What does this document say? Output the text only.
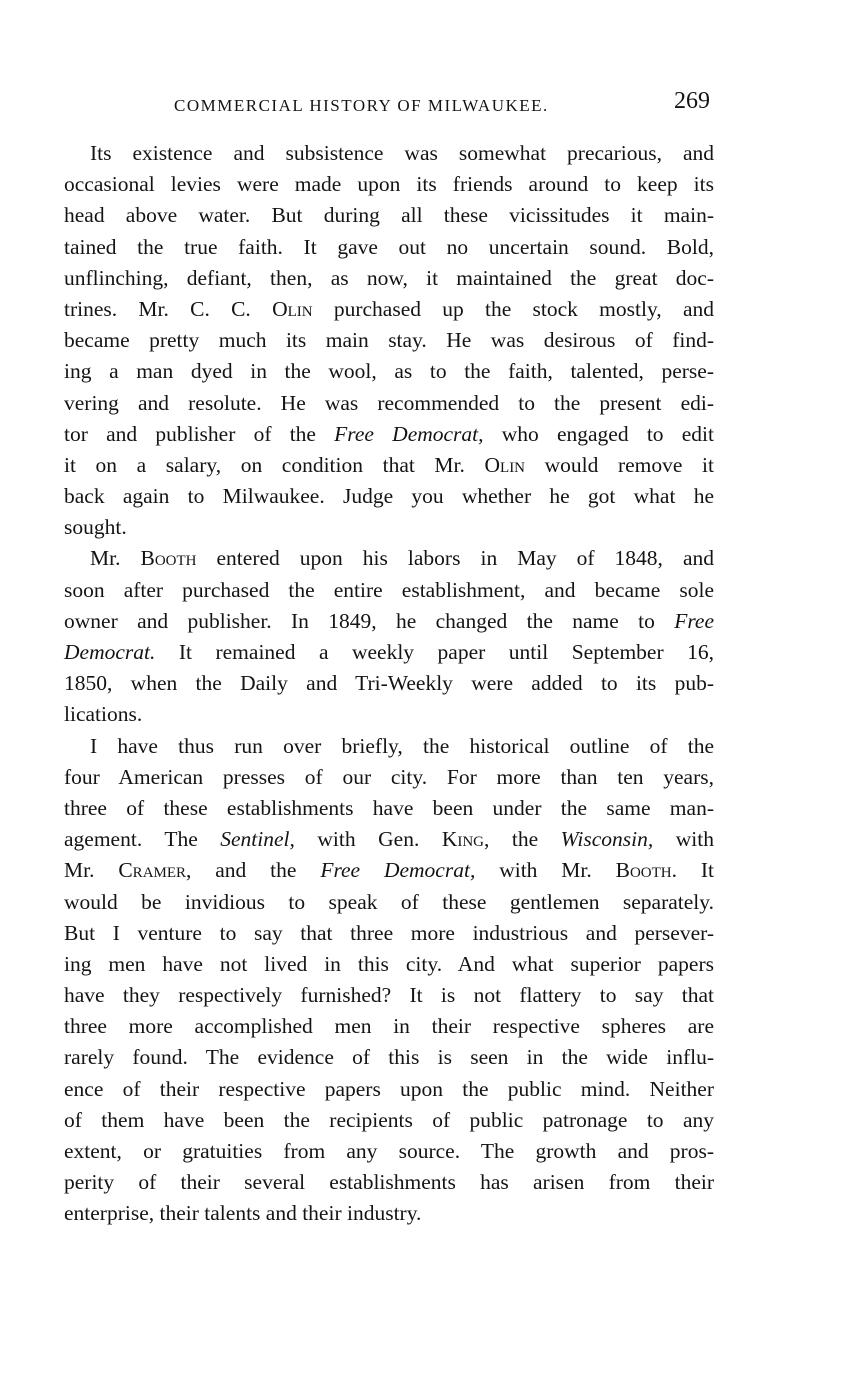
COMMERCIAL HISTORY OF MILWAUKEE.	269
Its existence and subsistence was somewhat precarious, and
occasional levies were made upon its friends around to keep its
head above water. But during all these vicissitudes it main-
tained the true faith. It gave out no uncertain sound. Bold,
unflinching, defiant, then, as now, it maintained the great doc-
trines. Mr. C. C. Olin purchased up the stock mostly, and
became pretty much its main stay. He was desirous of find-
ing a man dyed in the wool, as to the faith, talented, perse-
vering and resolute. He was recommended to the present edi-
tor and publisher of the Free Democrat, who engaged to edit
it on a salary, on condition that Mr. Olin would remove it
back again to Milwaukee. Judge you whether he got what he
sought.
Mr. Booth entered upon his labors in May of 1848, and
soon after purchased the entire establishment, and became sole
owner and publisher. In 1849, he changed the name to Free
Democrat. It remained a weekly paper until September 16,
1850, when the Daily and Tri-Weekly were added to its pub-
lications.
I have thus run over briefly, the historical outline of the
four American presses of our city. For more than ten years,
three of these establishments have been under the same man-
agement. The Sentinel, with Gen. King, the Wisconsin, with
Mr. Cramer, and the Free Democrat, with Mr. Booth. It
would be invidious to speak of these gentlemen separately.
But I venture to say that three more industrious and persever-
ing men have not lived in this city. And what superior papers
have they respectively furnished? It is not flattery to say that
three more accomplished men in their respective spheres are
rarely found. The evidence of this is seen in the wide influ-
ence of their respective papers upon the public mind. Neither
of them have been the recipients of public patronage to any
extent, or gratuities from any source. The growth and pros-
perity of their several establishments has arisen from their
enterprise, their talents and their industry.
